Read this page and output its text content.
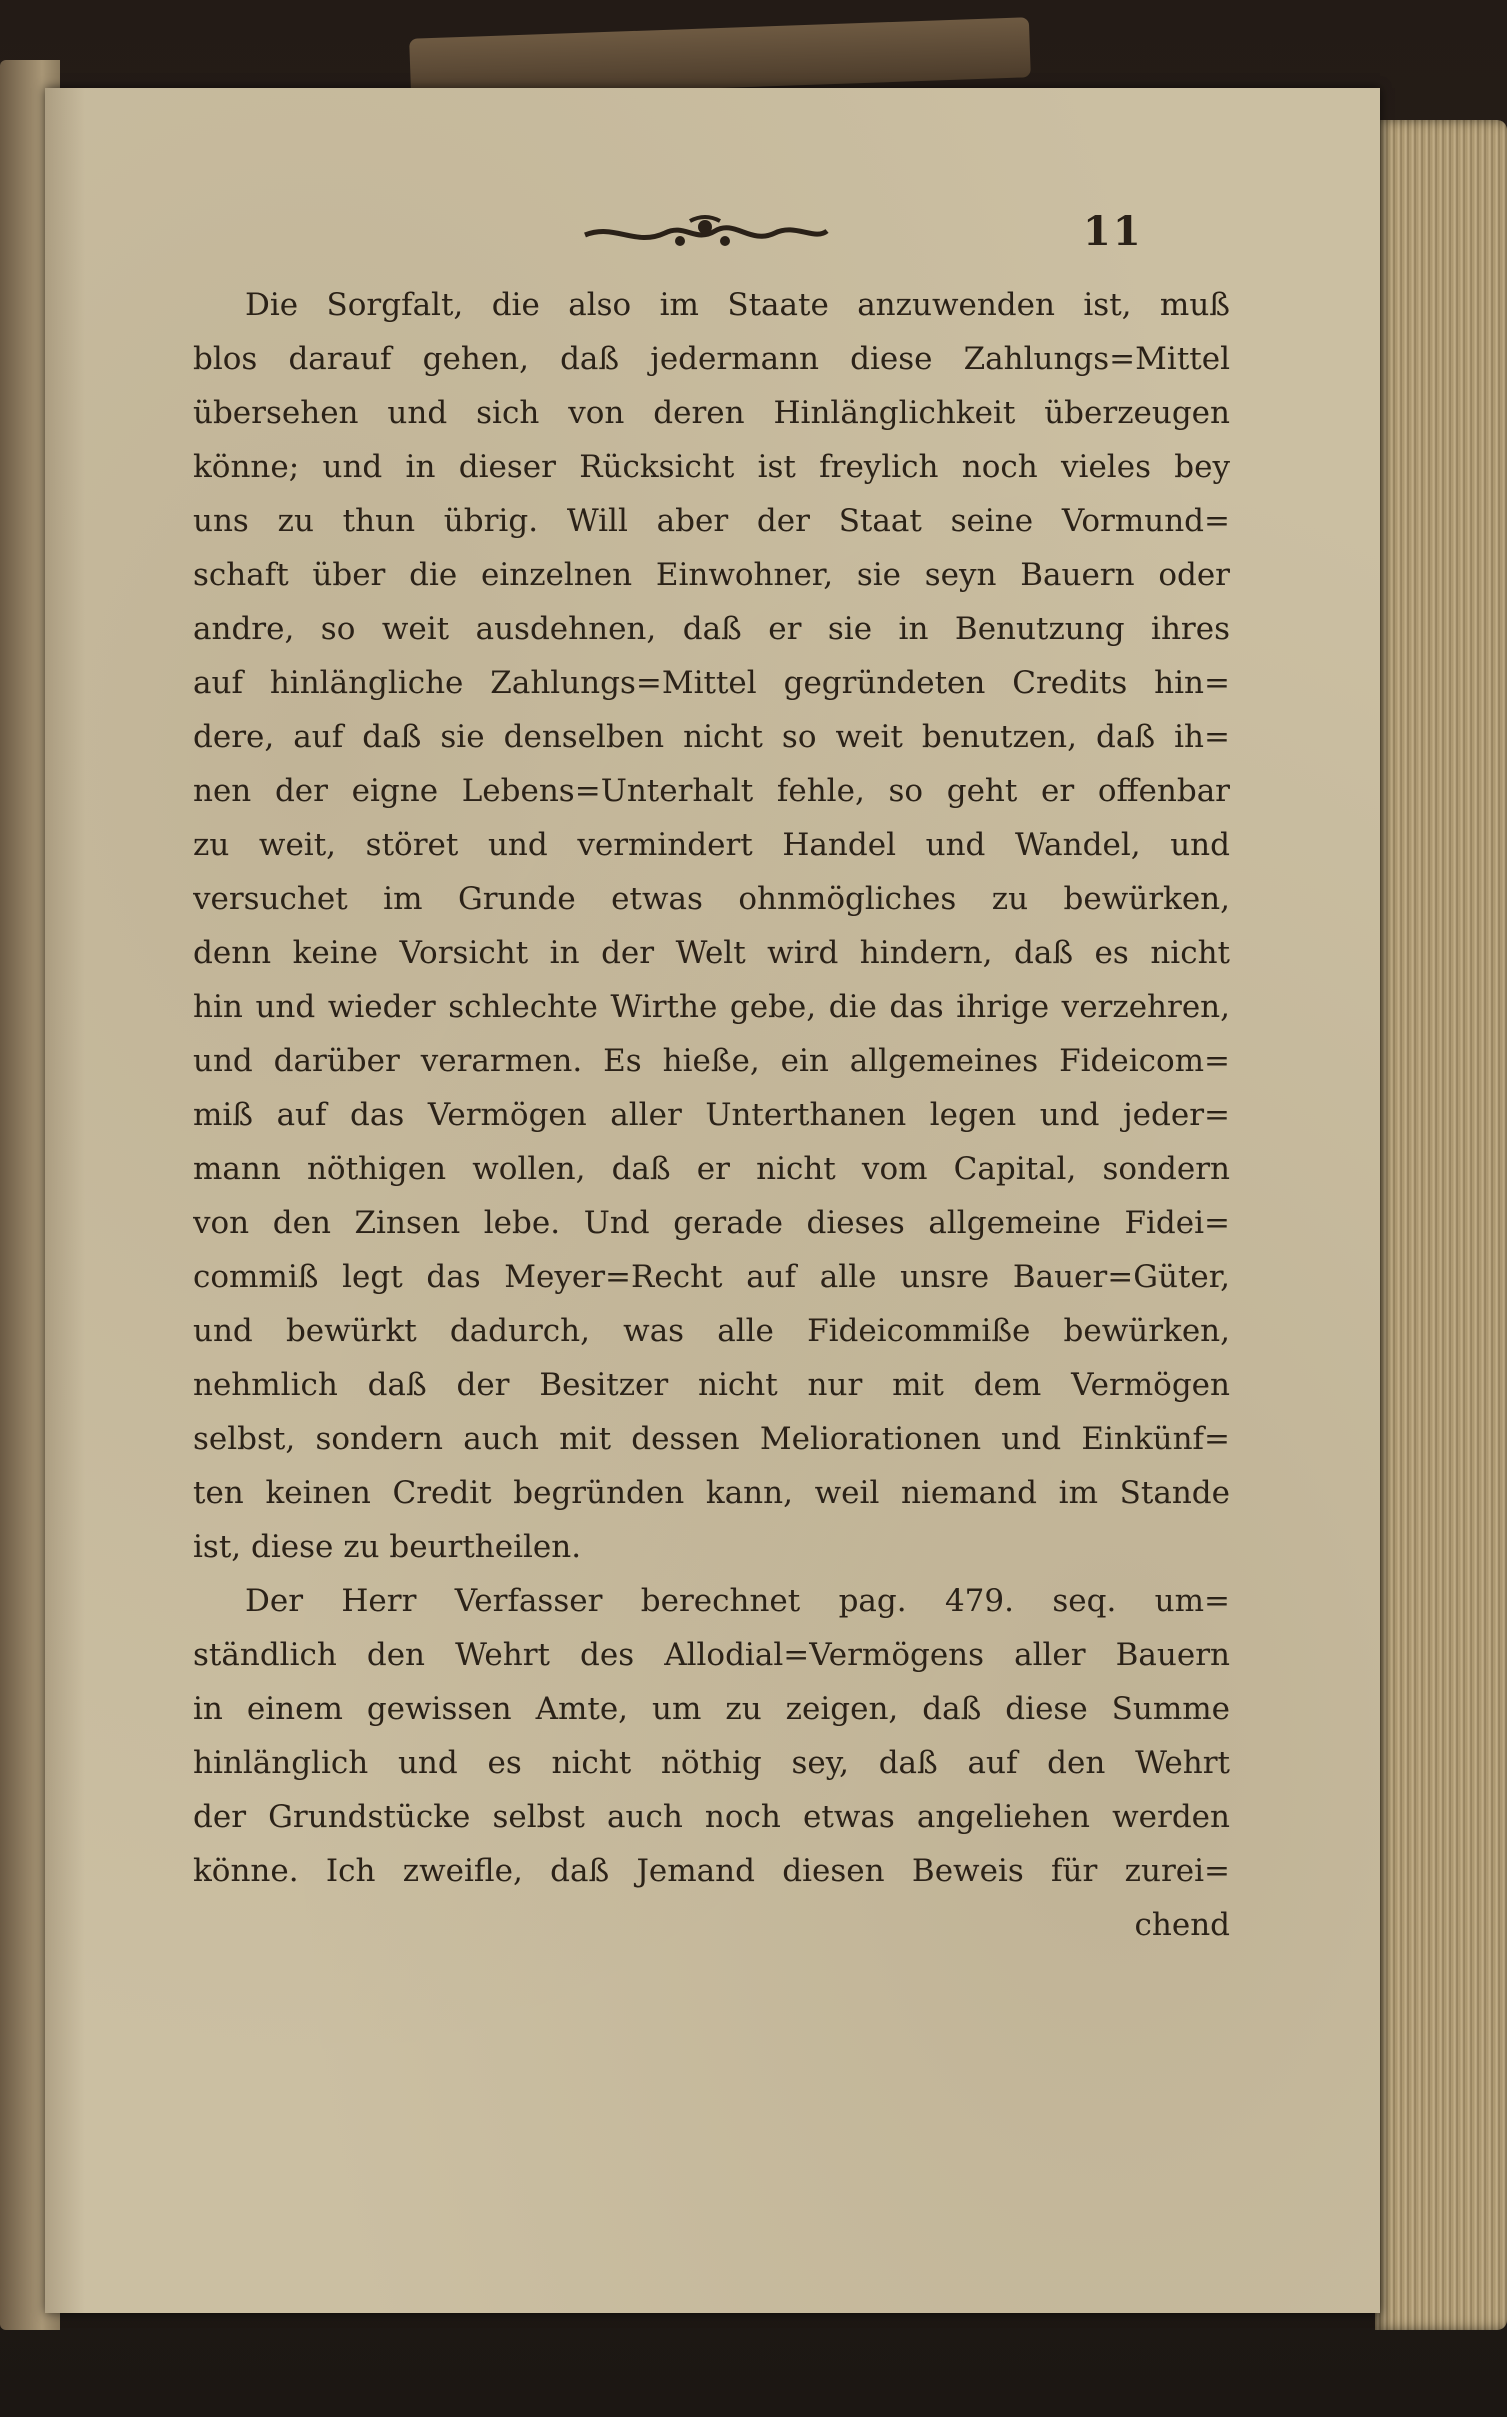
11
Die Sorgfalt, die also im Staate anzuwenden ist, muß
blos darauf gehen, daß jedermann diese Zahlungs=Mittel
übersehen und sich von deren Hinlänglichkeit überzeugen
könne; und in dieser Rücksicht ist freylich noch vieles bey
uns zu thun übrig. Will aber der Staat seine Vormund=
schaft über die einzelnen Einwohner, sie seyn Bauern oder
andre, so weit ausdehnen, daß er sie in Benutzung ihres
auf hinlängliche Zahlungs=Mittel gegründeten Credits hin=
dere, auf daß sie denselben nicht so weit benutzen, daß ih=
nen der eigne Lebens=Unterhalt fehle, so geht er offenbar
zu weit, störet und vermindert Handel und Wandel, und
versuchet im Grunde etwas ohnmögliches zu bewürken,
denn keine Vorsicht in der Welt wird hindern, daß es nicht
hin und wieder schlechte Wirthe gebe, die das ihrige verzehren,
und darüber verarmen. Es hieße, ein allgemeines Fideicom=
miß auf das Vermögen aller Unterthanen legen und jeder=
mann nöthigen wollen, daß er nicht vom Capital, sondern
von den Zinsen lebe. Und gerade dieses allgemeine Fidei=
commiß legt das Meyer=Recht auf alle unsre Bauer=Güter,
und bewürkt dadurch, was alle Fideicommiße bewürken,
nehmlich daß der Besitzer nicht nur mit dem Vermögen
selbst, sondern auch mit dessen Meliorationen und Einkünf=
ten keinen Credit begründen kann, weil niemand im Stande
ist, diese zu beurtheilen.
Der Herr Verfasser berechnet pag. 479. seq. um=
ständlich den Wehrt des Allodial=Vermögens aller Bauern
in einem gewissen Amte, um zu zeigen, daß diese Summe
hinlänglich und es nicht nöthig sey, daß auf den Wehrt
der Grundstücke selbst auch noch etwas angeliehen werden
könne. Ich zweifle, daß Jemand diesen Beweis für zurei=
chend
